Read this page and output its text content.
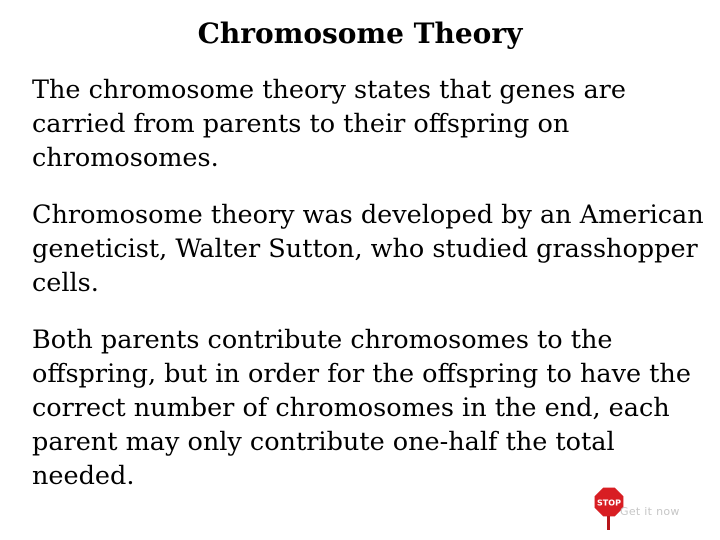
Chromosome Theory

The chromosome theory states that genes are carried from parents to their offspring on chromosomes.

Chromosome theory was developed by an American geneticist, Walter Sutton, who studied grasshopper cells.

Both parents contribute chromosomes to the offspring, but in order for the offspring to have the correct number of chromosomes in the end, each parent may only contribute one-half the total needed.

STOP
Get it now
